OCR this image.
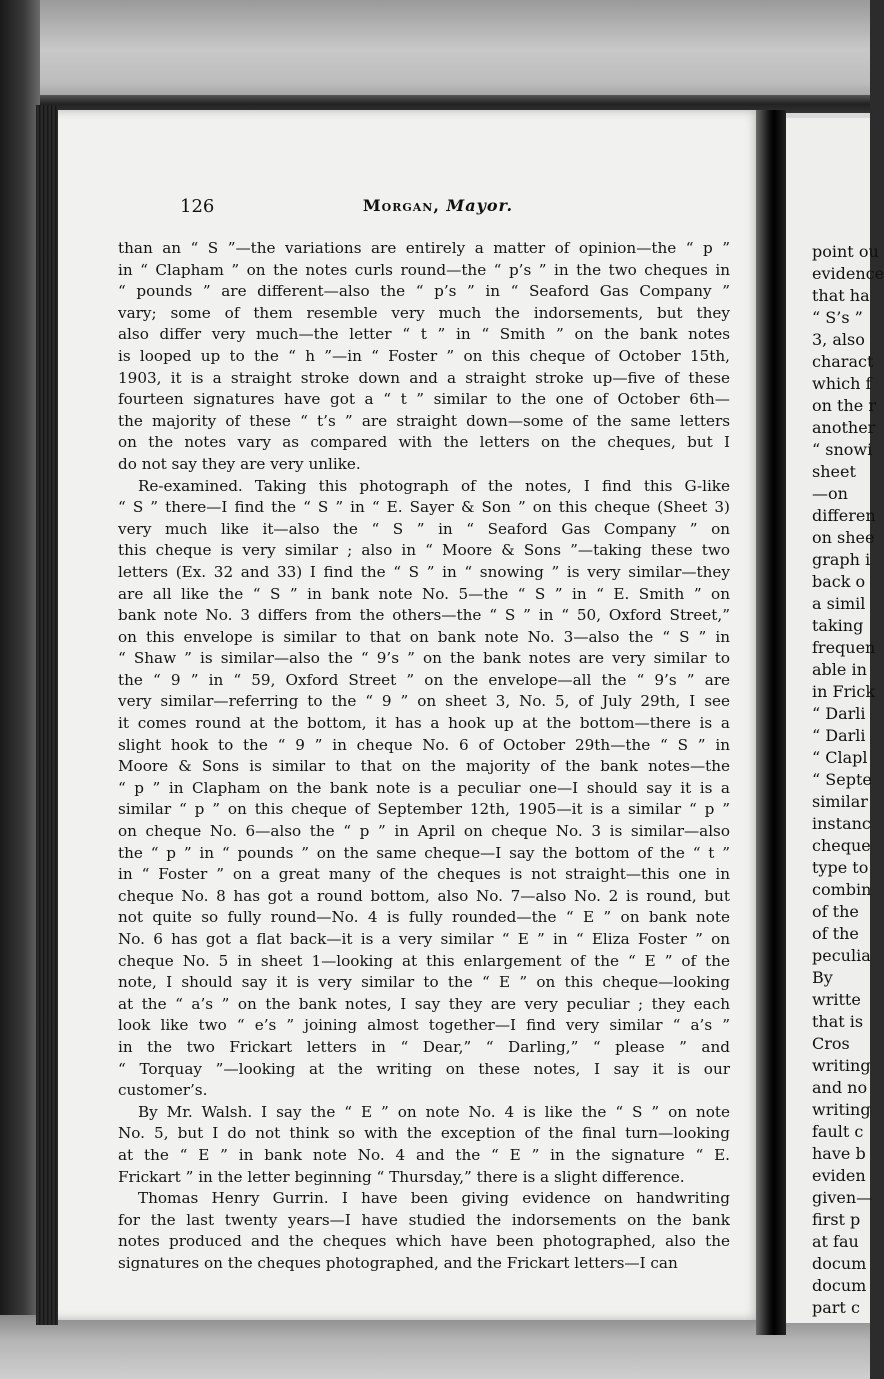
126	Morgan, Mayor.
than an “ S ”—the variations are entirely a matter of opinion—the “ p ”
in “ Clapham ” on the notes curls round—the “ p’s ” in the two cheques in
“ pounds ” are different—also the “ p’s ” in “ Seaford Gas Company ”
vary; some of them resemble very much the indorsements, but they
also differ very much—the letter “ t ” in “ Smith ” on the bank notes
is looped up to the “ h ”—in “ Foster ” on this cheque of October 15th,
1903, it is a straight stroke down and a straight stroke up—five of these
fourteen signatures have got a “ t ” similar to the one of October 6th—
the majority of these “ t’s ” are straight down—some of the same letters
on the notes vary as compared with the letters on the cheques, but I
do not say they are very unlike.
Re-examined. Taking this photograph of the notes, I find this G-like
“ S ” there—I find the “ S ” in “ E. Sayer & Son ” on this cheque (Sheet 3)
very much like it—also the “ S ” in “ Seaford Gas Company ” on
this cheque is very similar ; also in “ Moore & Sons ”—taking these two
letters (Ex. 32 and 33) I find the “ S ” in “ snowing ” is very similar—they
are all like the “ S ” in bank note No. 5—the “ S ” in “ E. Smith ” on
bank note No. 3 differs from the others—the “ S ” in “ 50, Oxford Street,”
on this envelope is similar to that on bank note No. 3—also the “ S ” in
“ Shaw ” is similar—also the “ 9’s ” on the bank notes are very similar to
the “ 9 ” in “ 59, Oxford Street ” on the envelope—all the “ 9’s ” are
very similar—referring to the “ 9 ” on sheet 3, No. 5, of July 29th, I see
it comes round at the bottom, it has a hook up at the bottom—there is a
slight hook to the “ 9 ” in cheque No. 6 of October 29th—the “ S ” in
Moore & Sons is similar to that on the majority of the bank notes—the
“ p ” in Clapham on the bank note is a peculiar one—I should say it is a
similar “ p ” on this cheque of September 12th, 1905—it is a similar “ p ”
on cheque No. 6—also the “ p ” in April on cheque No. 3 is similar—also
the “ p ” in “ pounds ” on the same cheque—I say the bottom of the “ t ”
in “ Foster ” on a great many of the cheques is not straight—this one in
cheque No. 8 has got a round bottom, also No. 7—also No. 2 is round, but
not quite so fully round—No. 4 is fully rounded—the “ E ” on bank note
No. 6 has got a flat back—it is a very similar “ E ” in “ Eliza Foster ” on
cheque No. 5 in sheet 1—looking at this enlargement of the “ E ” of the
note, I should say it is very similar to the “ E ” on this cheque—looking
at the “ a’s ” on the bank notes, I say they are very peculiar ; they each
look like two “ e’s ” joining almost together—I find very similar “ a’s ”
in the two Frickart letters in “ Dear,” “ Darling,” “ please ” and
“ Torquay ”—looking at the writing on these notes, I say it is our
customer’s.
By Mr. Walsh. I say the “ E ” on note No. 4 is like the “ S ” on note
No. 5, but I do not think so with the exception of the final turn—looking
at the “ E ” in bank note No. 4 and the “ E ” in the signature “ E.
Frickart ” in the letter beginning “ Thursday,” there is a slight difference.
Thomas Henry Gurrin. I have been giving evidence on handwriting
for the last twenty years—I have studied the indorsements on the bank
notes produced and the cheques which have been photographed, also the
signatures on the cheques photographed, and the Frickart letters—I can
point ou
evidence
that ha
“ S’s ”
3, also
charact
which f
on the r
another
“ snowi
sheet
—on
differen
on shee
graph i
back o
a simil
taking
frequen
able in
in Frick
“ Darli
“ Darli
“ Clapl
“ Septe
similar
instanc
cheque
type to
combin
of the
of the
peculia
By
writte
that is
Cros
writing
and no
writing
fault c
have b
eviden
given—
first p
at fau
docum
docum
part c
